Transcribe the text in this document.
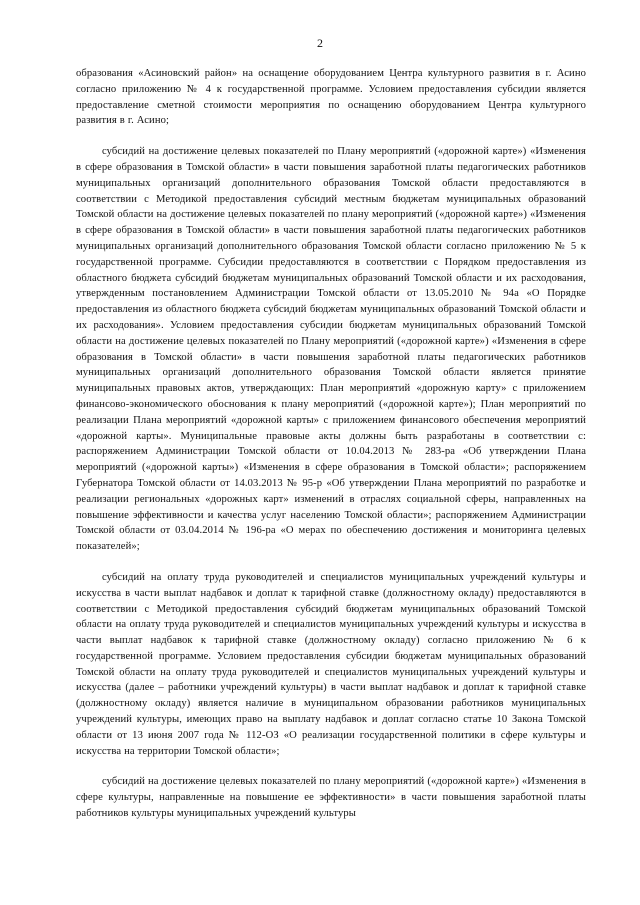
2

образования «Асиновский район» на оснащение оборудованием Центра культурного развития в г. Асино согласно приложению № 4 к государственной программе. Условием предоставления субсидии является предоставление сметной стоимости мероприятия по оснащению оборудованием Центра культурного развития в г. Асино;

субсидий на достижение целевых показателей по Плану мероприятий («дорожной карте») «Изменения в сфере образования в Томской области» в части повышения заработной платы педагогических работников муниципальных организаций дополнительного образования Томской области предоставляются в соответствии с Методикой предоставления субсидий местным бюджетам муниципальных образований Томской области на достижение целевых показателей по плану мероприятий («дорожной карте») «Изменения в сфере образования в Томской области» в части повышения заработной платы педагогических работников муниципальных организаций дополнительного образования Томской области согласно приложению № 5 к государственной программе. Субсидии предоставляются в соответствии с Порядком предоставления из областного бюджета субсидий бюджетам муниципальных образований Томской области и их расходования, утвержденным постановлением Администрации Томской области от 13.05.2010 № 94а «О Порядке предоставления из областного бюджета субсидий бюджетам муниципальных образований Томской области и их расходования». Условием предоставления субсидии бюджетам муниципальных образований Томской области на достижение целевых показателей по Плану мероприятий («дорожной карте») «Изменения в сфере образования в Томской области» в части повышения заработной платы педагогических работников муниципальных организаций дополнительного образования Томской области является принятие муниципальных правовых актов, утверждающих: План мероприятий «дорожную карту» с приложением финансово-экономического обоснования к плану мероприятий («дорожной карте»); План мероприятий по реализации Плана мероприятий «дорожной карты» с приложением финансового обеспечения мероприятий «дорожной карты». Муниципальные правовые акты должны быть разработаны в соответствии с: распоряжением Администрации Томской области от 10.04.2013 № 283-ра «Об утверждении Плана мероприятий («дорожной карты») «Изменения в сфере образования в Томской области»; распоряжением Губернатора Томской области от 14.03.2013 № 95-р «Об утверждении Плана мероприятий по разработке и реализации региональных «дорожных карт» изменений в отраслях социальной сферы, направленных на повышение эффективности и качества услуг населению Томской области»; распоряжением Администрации Томской области от 03.04.2014 № 196-ра «О мерах по обеспечению достижения и мониторинга целевых показателей»;

субсидий на оплату труда руководителей и специалистов муниципальных учреждений культуры и искусства в части выплат надбавок и доплат к тарифной ставке (должностному окладу) предоставляются в соответствии с Методикой предоставления субсидий бюджетам муниципальных образований Томской области на оплату труда руководителей и специалистов муниципальных учреждений культуры и искусства в части выплат надбавок к тарифной ставке (должностному окладу) согласно приложению № 6 к государственной программе. Условием предоставления субсидии бюджетам муниципальных образований Томской области на оплату труда руководителей и специалистов муниципальных учреждений культуры и искусства (далее – работники учреждений культуры) в части выплат надбавок и доплат к тарифной ставке (должностному окладу) является наличие в муниципальном образовании работников муниципальных учреждений культуры, имеющих право на выплату надбавок и доплат согласно статье 10 Закона Томской области от 13 июня 2007 года № 112-ОЗ «О реализации государственной политики в сфере культуры и искусства на территории Томской области»;

субсидий на достижение целевых показателей по плану мероприятий («дорожной карте») «Изменения в сфере культуры, направленные на повышение ее эффективности» в части повышения заработной платы работников культуры муниципальных учреждений культуры
